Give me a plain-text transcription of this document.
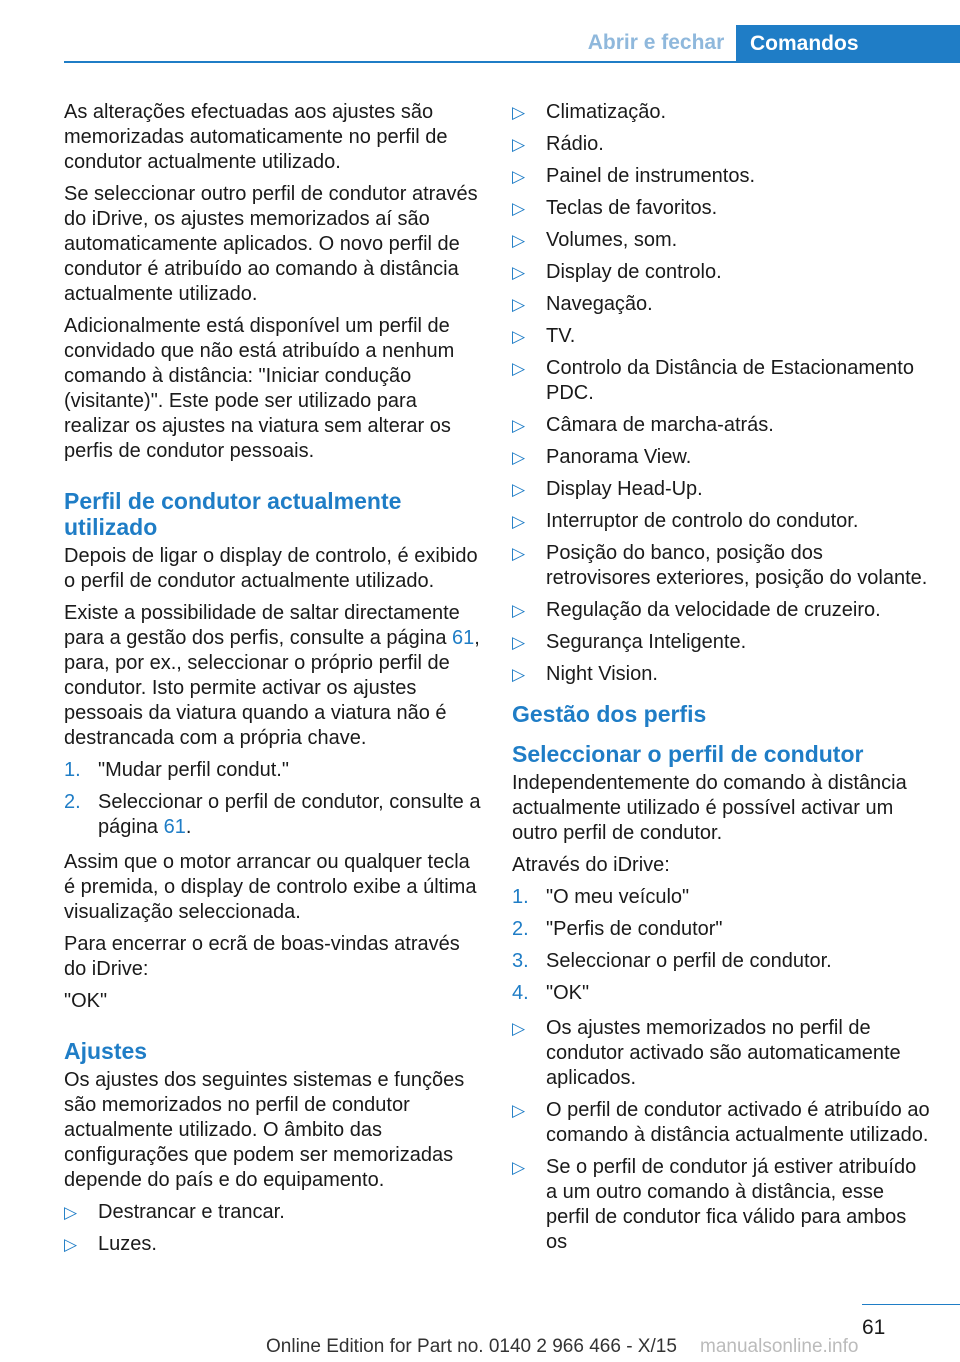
Abrir e fechar	Comandos

As alterações efectuadas aos ajustes são memorizadas automaticamente no perfil de condutor actualmente utilizado.

Se seleccionar outro perfil de condutor através do iDrive, os ajustes memorizados aí são automaticamente aplicados. O novo perfil de condutor é atribuído ao comando à distância actualmente utilizado.

Adicionalmente está disponível um perfil de convidado que não está atribuído a nenhum comando à distância: "Iniciar condução (visitante)". Este pode ser utilizado para realizar os ajustes na viatura sem alterar os perfis de condutor pessoais.

Perfil de condutor actualmente utilizado

Depois de ligar o display de controlo, é exibido o perfil de condutor actualmente utilizado.

Existe a possibilidade de saltar directamente para a gestão dos perfis, consulte a página 61, para, por ex., seleccionar o próprio perfil de condutor. Isto permite activar os ajustes pessoais da viatura quando a viatura não é destrancada com a própria chave.

1. "Mudar perfil condut."
2. Seleccionar o perfil de condutor, consulte a página 61.

Assim que o motor arrancar ou qualquer tecla é premida, o display de controlo exibe a última visualização seleccionada.

Para encerrar o ecrã de boas-vindas através do iDrive:

"OK"

Ajustes

Os ajustes dos seguintes sistemas e funções são memorizados no perfil de condutor actualmente utilizado. O âmbito das configurações que podem ser memorizadas depende do país e do equipamento.

▷ Destrancar e trancar.
▷ Luzes.
▷ Climatização.
▷ Rádio.
▷ Painel de instrumentos.
▷ Teclas de favoritos.
▷ Volumes, som.
▷ Display de controlo.
▷ Navegação.
▷ TV.
▷ Controlo da Distância de Estacionamento PDC.
▷ Câmara de marcha-atrás.
▷ Panorama View.
▷ Display Head-Up.
▷ Interruptor de controlo do condutor.
▷ Posição do banco, posição dos retrovisores exteriores, posição do volante.
▷ Regulação da velocidade de cruzeiro.
▷ Segurança Inteligente.
▷ Night Vision.
Gestão dos perfis
Seleccionar o perfil de condutor

Independentemente do comando à distância actualmente utilizado é possível activar um outro perfil de condutor.

Através do iDrive:

1. "O meu veículo"
2. "Perfis de condutor"
3. Seleccionar o perfil de condutor.
4. "OK"
▷ Os ajustes memorizados no perfil de condutor activado são automaticamente aplicados.
▷ O perfil de condutor activado é atribuído ao comando à distância actualmente utilizado.
▷ Se o perfil de condutor já estiver atribuído a um outro comando à distância, esse perfil de condutor fica válido para ambos os
61
Online Edition for Part no. 0140 2 966 466 - X/15 manualsonline.info
